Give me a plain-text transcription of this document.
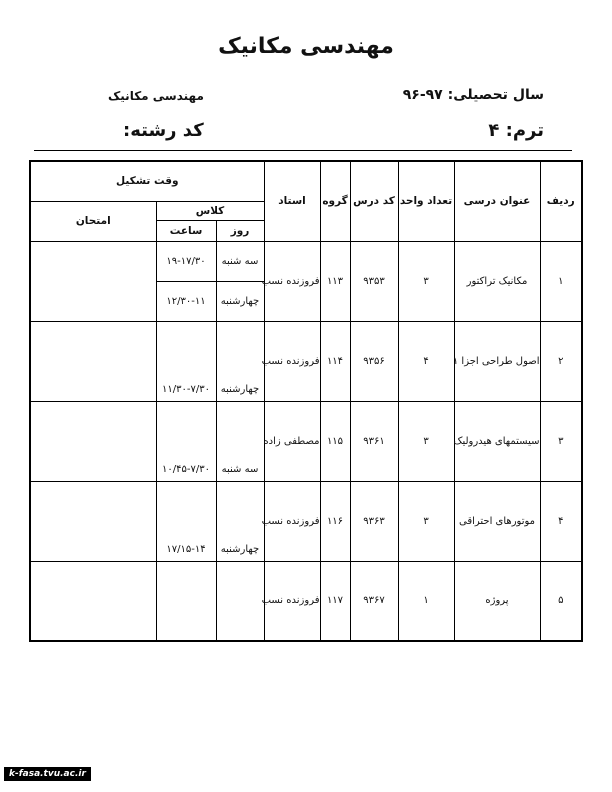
مهندسی مکانیک
سال تحصیلی: ۹۷-۹۶
مهندسی مکانیک
ترم: ۴
کد رشته:
وقت تشکیل			استاد	گروه	کد درس	تعداد واحد	عنوان درسی	ردیف
امتحان	کلاس							
	ساعت	روز						
	۱۹-۱۷/۳۰	سه شنبه	فروزنده نسب	۱۱۳	۹۳۵۳	۳	مکانیک تراکتور	۱
	۱۲/۳۰-۱۱	چهارشنبه						
	۱۱/۳۰-۷/۳۰	چهارشنبه	فروزنده نسب	۱۱۴	۹۳۵۶	۴	اصول طراحی اجزا ۱	۲
	۱۰/۴۵-۷/۳۰	سه شنبه	مصطفی زاده	۱۱۵	۹۳۶۱	۳	سیستمهای هیدرولیک	۳
	۱۷/۱۵-۱۴	چهارشنبه	فروزنده نسب	۱۱۶	۹۳۶۳	۳	موتورهای احتراقی	۴
			فروزنده نسب	۱۱۷	۹۳۶۷	۱	پروژه	۵
k-fasa.tvu.ac.ir
